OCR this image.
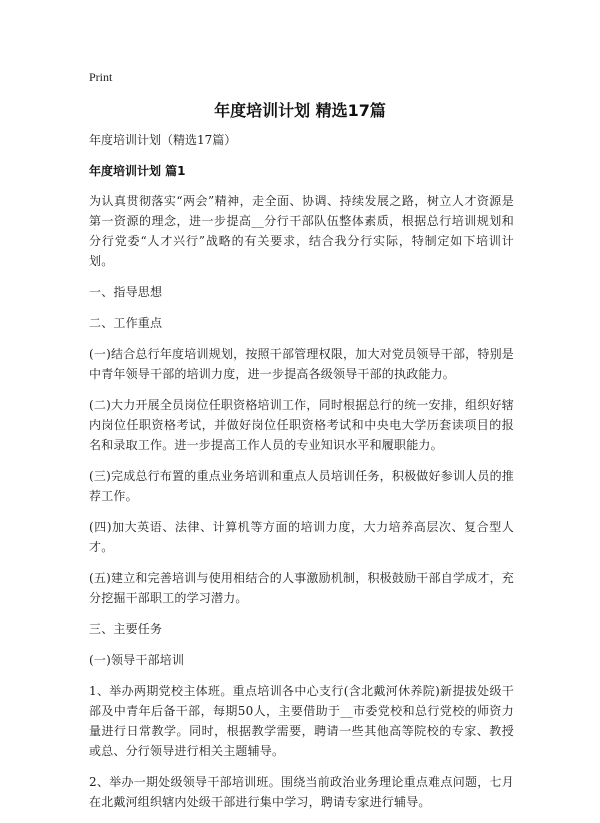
Print
年度培训计划 精选17篇
年度培训计划（精选17篇）
年度培训计划 篇1

为认真贯彻落实“两会”精神，走全面、协调、持续发展之路，树立人才资源是第一资源的理念，进一步提高__分行干部队伍整体素质，根据总行培训规划和分行党委“人才兴行”战略的有关要求，结合我分行实际，特制定如下培训计划。

一、指导思想

二、工作重点

(一)结合总行年度培训规划，按照干部管理权限，加大对党员领导干部，特别是中青年领导干部的培训力度，进一步提高各级领导干部的执政能力。

(二)大力开展全员岗位任职资格培训工作，同时根据总行的统一安排，组织好辖内岗位任职资格考试，并做好岗位任职资格考试和中央电大学历套读项目的报名和录取工作。进一步提高工作人员的专业知识水平和履职能力。

(三)完成总行布置的重点业务培训和重点人员培训任务，积极做好参训人员的推荐工作。

(四)加大英语、法律、计算机等方面的培训力度，大力培养高层次、复合型人才。

(五)建立和完善培训与使用相结合的人事激励机制，积极鼓励干部自学成才，充分挖掘干部职工的学习潜力。

三、主要任务

(一)领导干部培训

1、举办两期党校主体班。重点培训各中心支行(含北戴河休养院)新提拔处级干部及中青年后备干部，每期50人，主要借助于__市委党校和总行党校的师资力量进行日常教学。同时，根据教学需要，聘请一些其他高等院校的专家、教授或总、分行领导进行相关主题辅导。

2、举办一期处级领导干部培训班。围绕当前政治业务理论重点难点问题，七月在北戴河组织辖内处级干部进行集中学习，聘请专家进行辅导。
